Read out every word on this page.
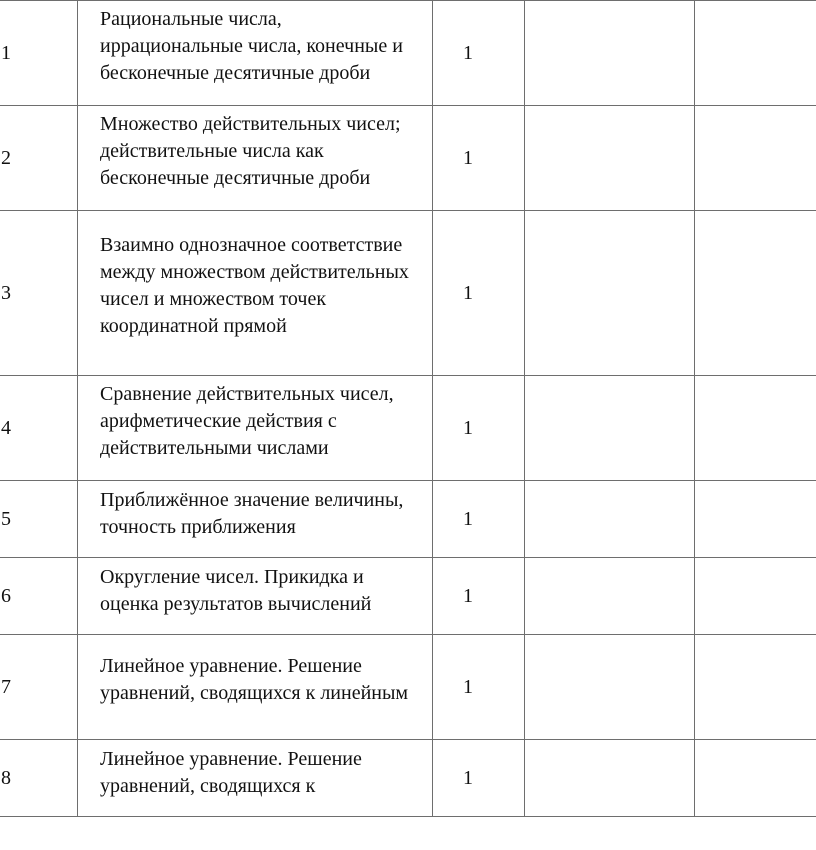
1	Рациональные числа, иррациональные числа, конечные и бесконечные десятичные дроби	1		

2	Множество действительных чисел; действительные числа как бесконечные десятичные дроби	1		

3	Взаимно однозначное соответствие между множеством действительных чисел и множеством точек координатной прямой	1		

4	Сравнение действительных чисел, арифметические действия с действительными числами	1		

5	Приближённое значение величины, точность приближения	1		

6	Округление чисел. Прикидка и оценка результатов вычислений	1		

7	Линейное уравнение. Решение уравнений, сводящихся к линейным	1		

8	Линейное уравнение. Решение уравнений, сводящихся к	1		
